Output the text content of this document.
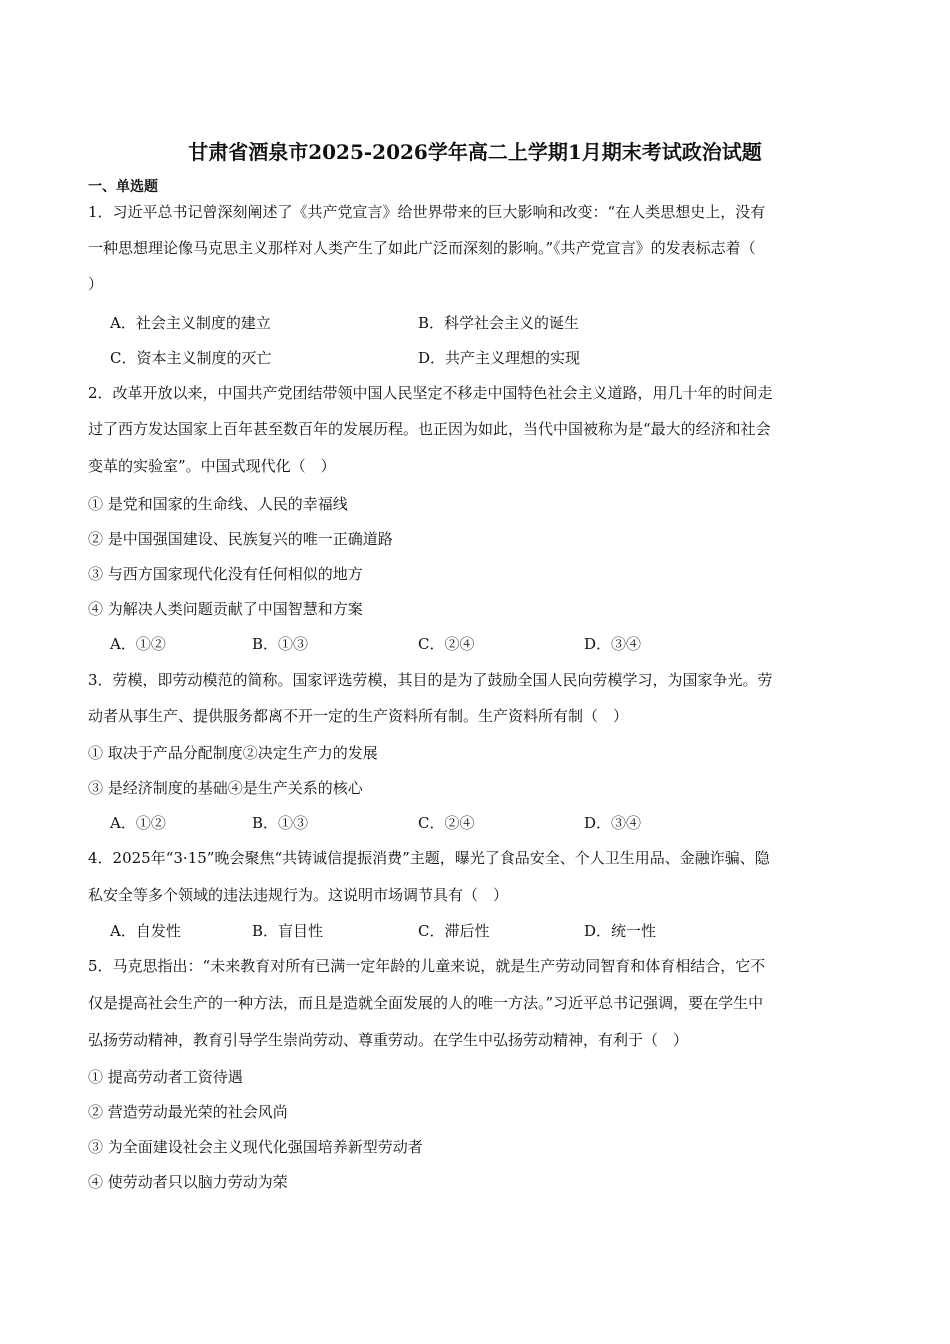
甘肃省酒泉市2025-2026学年高二上学期1月期末考试政治试题
一、单选题
1．习近平总书记曾深刻阐述了《共产党宣言》给世界带来的巨大影响和改变：“在人类思想史上，没有
一种思想理论像马克思主义那样对人类产生了如此广泛而深刻的影响。”《共产党宣言》的发表标志着（
）
A．社会主义制度的建立	B．科学社会主义的诞生
C．资本主义制度的灭亡	D．共产主义理想的实现
2．改革开放以来，中国共产党团结带领中国人民坚定不移走中国特色社会主义道路，用几十年的时间走
过了西方发达国家上百年甚至数百年的发展历程。也正因为如此，当代中国被称为是“最大的经济和社会
变革的实验室”。中国式现代化（　）
① 是党和国家的生命线、人民的幸福线
② 是中国强国建设、民族复兴的唯一正确道路
③ 与西方国家现代化没有任何相似的地方
④ 为解决人类问题贡献了中国智慧和方案
A．①②	B．①③	C．②④	D．③④
3．劳模，即劳动模范的简称。国家评选劳模，其目的是为了鼓励全国人民向劳模学习，为国家争光。劳
动者从事生产、提供服务都离不开一定的生产资料所有制。生产资料所有制（　）
① 取决于产品分配制度②决定生产力的发展
③ 是经济制度的基础④是生产关系的核心
A．①②	B．①③	C．②④	D．③④
4．2025年“3·15”晚会聚焦“共铸诚信提振消费”主题，曝光了食品安全、个人卫生用品、金融诈骗、隐
私安全等多个领域的违法违规行为。这说明市场调节具有（　）
A．自发性	B．盲目性	C．滞后性	D．统一性
5．马克思指出：“未来教育对所有已满一定年龄的儿童来说，就是生产劳动同智育和体育相结合，它不
仅是提高社会生产的一种方法，而且是造就全面发展的人的唯一方法。”习近平总书记强调，要在学生中
弘扬劳动精神，教育引导学生崇尚劳动、尊重劳动。在学生中弘扬劳动精神，有利于（　）
① 提高劳动者工资待遇
② 营造劳动最光荣的社会风尚
③ 为全面建设社会主义现代化强国培养新型劳动者
④ 使劳动者只以脑力劳动为荣
